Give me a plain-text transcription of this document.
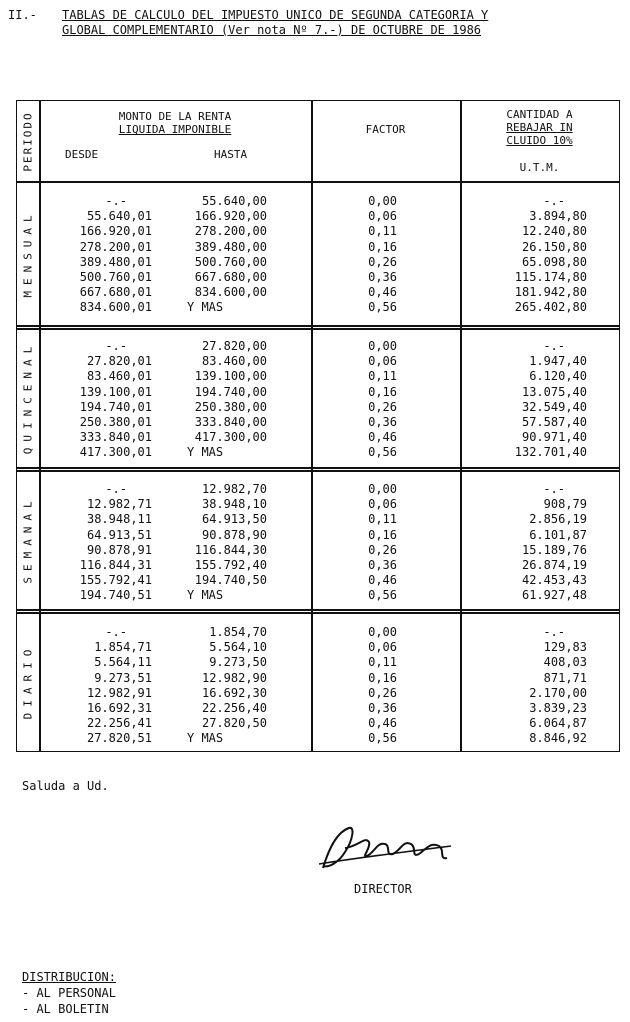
II.- TABLAS DE CALCULO DEL IMPUESTO UNICO DE SEGUNDA CATEGORIA Y
GLOBAL COMPLEMENTARIO (Ver nota Nº 7.-) DE OCTUBRE DE 1986
PERIODO	MONTO DE LA RENTA
LIQUIDA IMPONIBLE
DESDE	HASTA
FACTOR
CANTIDAD A
REBAJAR IN
CLUIDO 10%
U.T.M.
MENSUAL
-.-	55.640,00	0,00	-.-
55.640,01	166.920,00	0,06	3.894,80
166.920,01	278.200,00	0,11	12.240,80
278.200,01	389.480,00	0,16	26.150,80
389.480,01	500.760,00	0,26	65.098,80
500.760,01	667.680,00	0,36	115.174,80
667.680,01	834.600,00	0,46	181.942,80
834.600,01	Y MAS	0,56	265.402,80
QUINCENAL	-.-	27.820,00	0,00	-.-
27.820,01	83.460,00	0,06	1.947,40
83.460,01	139.100,00	0,11	6.120,40
139.100,01	194.740,00	0,16	13.075,40
194.740,01	250.380,00	0,26	32.549,40
250.380,01	333.840,00	0,36	57.587,40
333.840,01	417.300,00	0,46	90.971,40
417.300,01	Y MAS	0,56	132.701,40
SEMANAL
-.-	12.982,70	0,00	-.-
12.982,71	38.948,10	0,06	908,79
38.948,11	64.913,50	0,11	2.856,19
64.913,51	90.878,90	0,16	6.101,87
90.878,91	116.844,30	0,26	15.189,76
116.844,31	155.792,40	0,36	26.874,19
155.792,41	194.740,50	0,46	42.453,43
194.740,51	Y MAS	0,56	61.927,48
DIARIO
-.-	1.854,70	0,00	-.-
1.854,71	5.564,10	0,06	129,83
5.564,11	9.273,50	0,11	408,03
9.273,51	12.982,90	0,16	871,71
12.982,91	16.692,30	0,26	2.170,00
16.692,31	22.256,40	0,36	3.839,23
22.256,41	27.820,50	0,46	6.064,87
27.820,51	Y MAS	0,56	8.846,92
Saluda a Ud.
DIRECTOR
DISTRIBUCION:
- AL PERSONAL
- AL BOLETIN
